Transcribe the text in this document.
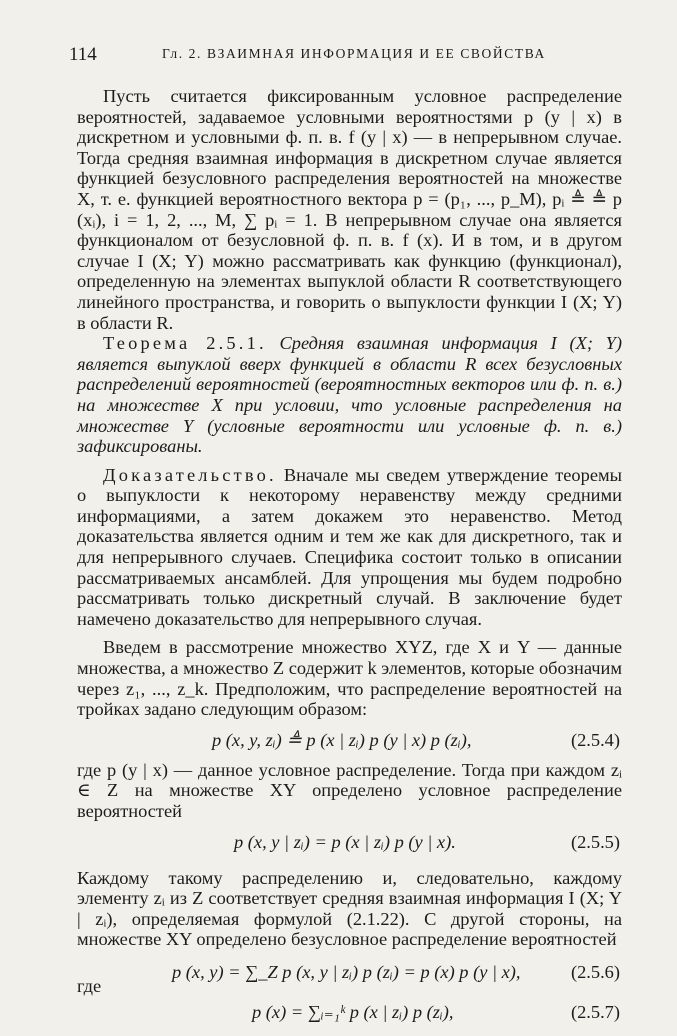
114	Гл. 2. ВЗАИМНАЯ ИНФОРМАЦИЯ И ЕЕ СВОЙСТВА

Пусть считается фиксированным условное распределение вероятностей, задаваемое условными вероятностями p (y | x) в дискретном и условными ф. п. в. f (y | x) — в непрерывном случае. Тогда средняя взаимная информация в дискретном случае является функцией безусловного распределения вероятностей на множестве X, т. е. функцией вероятностного вектора p = (p₁, ..., p_M), pᵢ ≜ ≜ p (xᵢ), i = 1, 2, ..., M, ∑ pᵢ = 1. В непрерывном случае она является функционалом от безусловной ф. п. в. f (x). И в том, и в другом случае I (X; Y) можно рассматривать как функцию (функционал), определенную на элементах выпуклой области R соответствующего линейного пространства, и говорить о выпуклости функции I (X; Y) в области R.

Теорема 2.5.1. Средняя взаимная информация I (X; Y) является выпуклой вверх функцией в области R всех безусловных распределений вероятностей (вероятностных векторов или ф. п. в.) на множестве X при условии, что условные распределения на множестве Y (условные вероятности или условные ф. п. в.) зафиксированы.

Доказательство. Вначале мы сведем утверждение теоремы о выпуклости к некоторому неравенству между средними информациями, а затем докажем это неравенство. Метод доказательства является одним и тем же как для дискретного, так и для непрерывного случаев. Специфика состоит только в описании рассматриваемых ансамблей. Для упрощения мы будем подробно рассматривать только дискретный случай. В заключение будет намечено доказательство для непрерывного случая.

Введем в рассмотрение множество XYZ, где X и Y — данные множества, а множество Z содержит k элементов, которые обозначим через z₁, ..., z_k. Предположим, что распределение вероятностей на тройках задано следующим образом:

p (x, y, zᵢ) ≜ p (x | zᵢ) p (y | x) p (zᵢ),	(2.5.4)

где p (y | x) — данное условное распределение. Тогда при каждом zᵢ ∈ Z на множестве XY определено условное распределение вероятностей

p (x, y | zᵢ) = p (x | zᵢ) p (y | x).	(2.5.5)

Каждому такому распределению и, следовательно, каждому элементу zᵢ из Z соответствует средняя взаимная информация I (X; Y | zᵢ), определяемая формулой (2.1.22). С другой стороны, на множестве XY определено безусловное распределение вероятностей

p (x, y) = ∑_Z p (x, y | zᵢ) p (zᵢ) = p (x) p (y | x),	(2.5.6)
где
p (x) = ∑ᵢ₌₁ᵏ p (x | zᵢ) p (zᵢ),	(2.5.7)
